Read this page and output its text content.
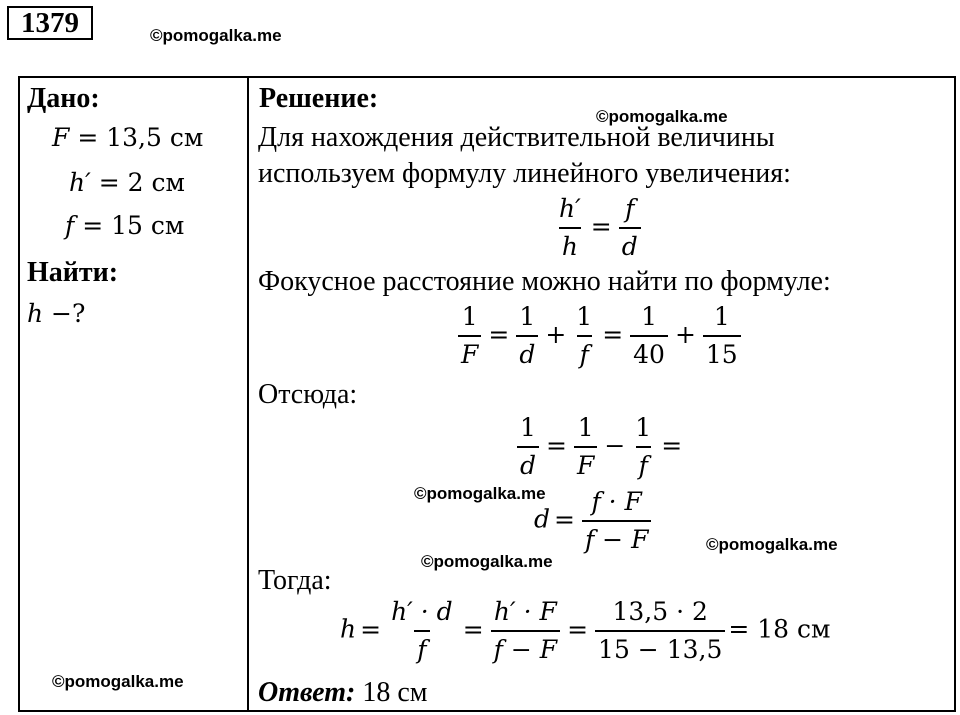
1379	©pomogalka.me
Дано:
F = 13,5 см
h′ = 2 см
f = 15 см
Найти:
h −?
Решение:
©pomogalka.me
Для нахождения действительной величины
используем формулу линейного увеличения:
$\frac{h'}{h} = \frac{f}{d}$
Фокусное расстояние можно найти по формуле:
$\frac{1}{F} = \frac{1}{d} + \frac{1}{f} = \frac{1}{40} + \frac{1}{15}$
Отсюда:
$\frac{1}{d} = \frac{1}{F} - \frac{1}{f}$ =
©pomogalka.me
$d = \frac{f \cdot F}{f - F}$	©pomogalka.me
©pomogalka.me
Тогда:
$h = \frac{h' \cdot d}{f} = \frac{h' \cdot F}{f - F} = \frac{13,5 \cdot 2}{15 - 13,5} = 18$ см
©pomogalka.me	Ответ: 18 см
